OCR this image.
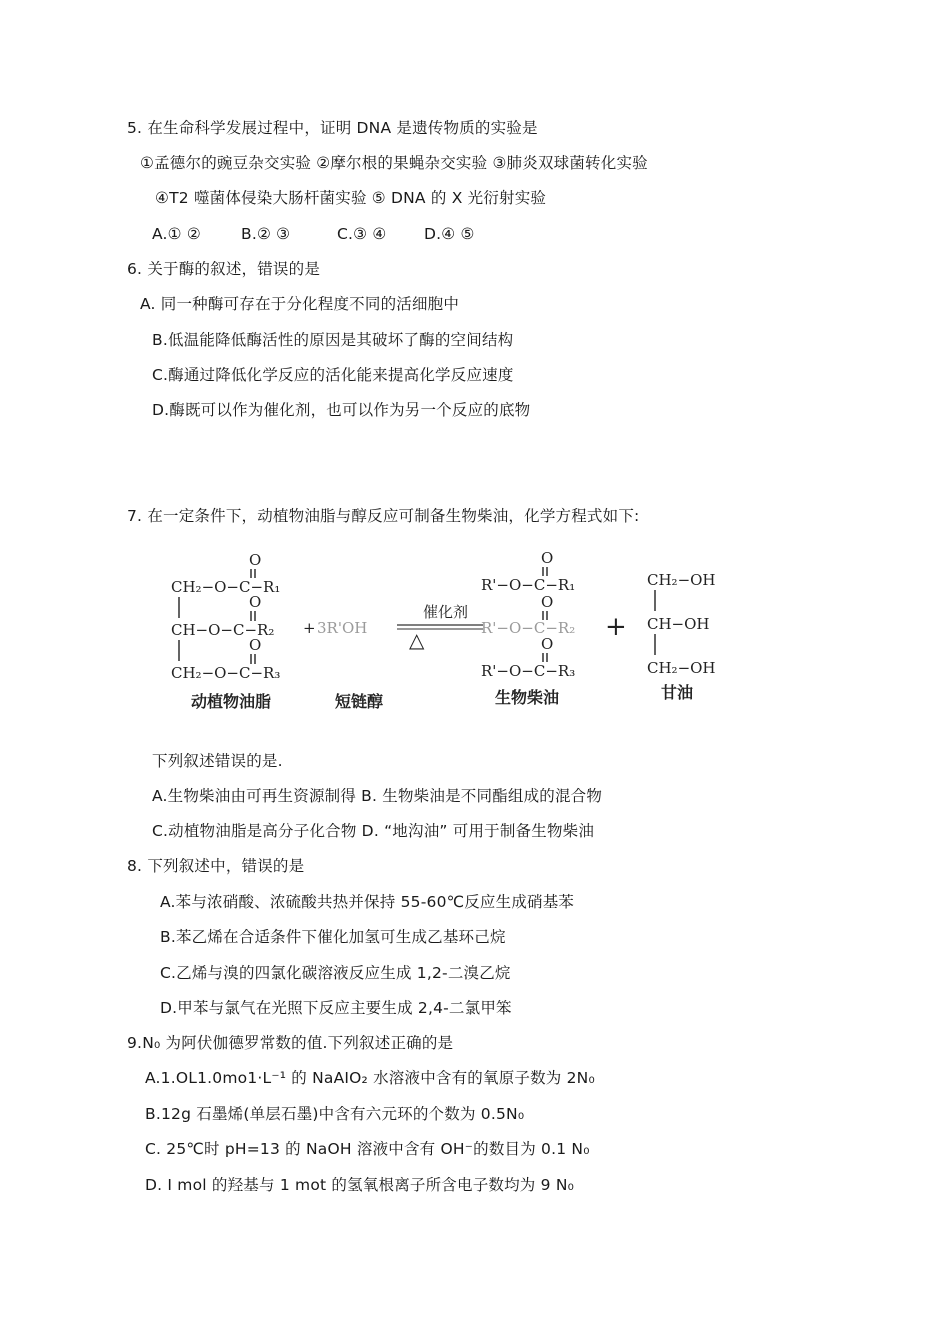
5. 在生命科学发展过程中，证明 DNA 是遗传物质的实验是
①孟德尔的豌豆杂交实验 ②摩尔根的果蝇杂交实验 ③肺炎双球菌转化实验
④T2 噬菌体侵染大肠杆菌实验 ⑤ DNA 的 X 光衍射实验
A.① ②	B.② ③	C.③ ④ D.④ ⑤
6. 关于酶的叙述，错误的是
A. 同一种酶可存在于分化程度不同的活细胞中
B.低温能降低酶活性的原因是其破坏了酶的空间结构
C.酶通过降低化学反应的活化能来提高化学反应速度
D.酶既可以作为催化剂，也可以作为另一个反应的底物
7. 在一定条件下，动植物油脂与醇反应可制备生物柴油，化学方程式如下:
O
CH₂−O−C−R₁
O
CH−O−C−R₂
O
CH₂−O−C−R₃
动植物油脂
+ 3R'OH
催化剂
△
短链醇
O
R'−O−C−R₁
O
R'−O−C−R₂
O
R'−O−C−R₃
生物柴油
+
CH₂−OH
CH−OH
CH₂−OH
甘油
下列叙述错误的是.
A.生物柴油由可再生资源制得 B. 生物柴油是不同酯组成的混合物
C.动植物油脂是高分子化合物 D. “地沟油” 可用于制备生物柴油
8. 下列叙述中，错误的是
A.苯与浓硝酸、浓硫酸共热并保持 55-60℃反应生成硝基苯
B.苯乙烯在合适条件下催化加氢可生成乙基环己烷
C.乙烯与溴的四氯化碳溶液反应生成 1,2-二溴乙烷
D.甲苯与氯气在光照下反应主要生成 2,4-二氯甲笨
9.N₀ 为阿伏伽德罗常数的值.下列叙述正确的是
A.1.OL1.0mo1·L⁻¹ 的 NaAIO₂ 水溶液中含有的氧原子数为 2N₀
B.12g 石墨烯(单层石墨)中含有六元环的个数为 0.5N₀
C. 25℃时 pH=13 的 NaOH 溶液中含有 OH⁻的数目为 0.1 N₀
D. I mol 的羟基与 1 mot 的氢氧根离子所含电子数均为 9 N₀
